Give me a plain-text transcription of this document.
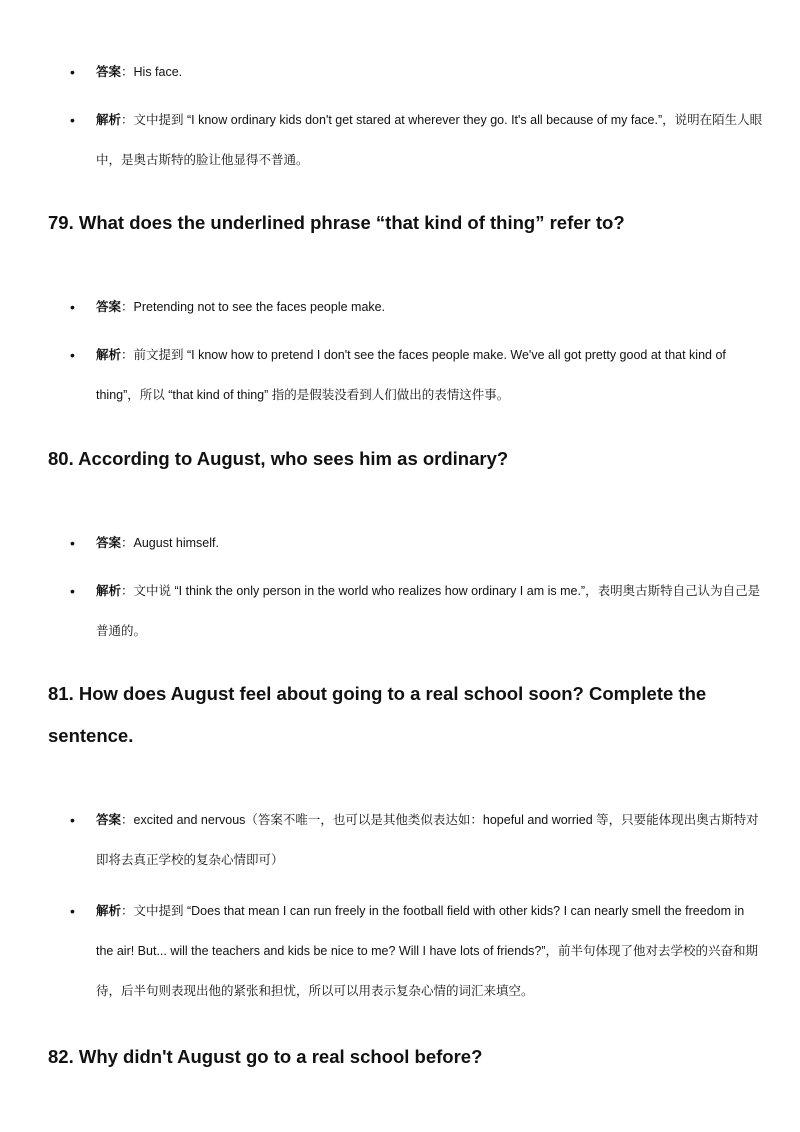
• 答案：His face.
• 解析：文中提到 “I know ordinary kids don't get stared at wherever they go. It's all because of my face.”，说明在陌生人眼中，是奥古斯特的脸让他显得不普通。
79. What does the underlined phrase “that kind of thing” refer to?
• 答案：Pretending not to see the faces people make.
• 解析：前文提到 “I know how to pretend I don't see the faces people make. We've all got pretty good at that kind of thing”，所以 “that kind of thing” 指的是假装没看到人们做出的表情这件事。
80. According to August, who sees him as ordinary?
• 答案：August himself.
• 解析：文中说 “I think the only person in the world who realizes how ordinary I am is me.”，表明奥古斯特自己认为自己是普通的。
81. How does August feel about going to a real school soon? Complete the sentence.
• 答案：excited and nervous（答案不唯一，也可以是其他类似表达如：hopeful and worried 等，只要能体现出奥古斯特对即将去真正学校的复杂心情即可）
• 解析：文中提到 “Does that mean I can run freely in the football field with other kids? I can nearly smell the freedom in the air! But... will the teachers and kids be nice to me? Will I have lots of friends?”，前半句体现了他对去学校的兴奋和期待，后半句则表现出他的紧张和担忧，所以可以用表示复杂心情的词汇来填空。
82. Why didn't August go to a real school before?
